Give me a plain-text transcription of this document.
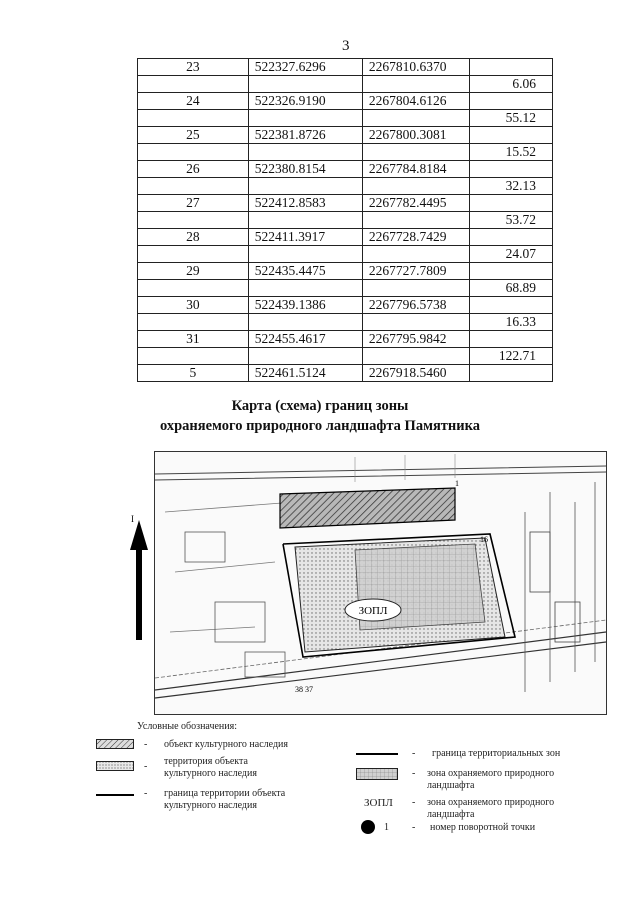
3
23	522327.6296	2267810.6370	
			6.06
24	522326.9190	2267804.6126	
			55.12
25	522381.8726	2267800.3081	
			15.52
26	522380.8154	2267784.8184	
			32.13
27	522412.8583	2267782.4495	
			53.72
28	522411.3917	2267728.7429	
			24.07
29	522435.4475	2267727.7809	
			68.89
30	522439.1386	2267796.5738	
			16.33
31	522455.4617	2267795.9842	
			122.71
5	522461.5124	2267918.5460	
Карта (схема) границ зоны
охраняемого природного ландшафта Памятника
I
ЗОПЛ
1
16
38 37
Условные обозначения:
- объект культурного наследия
- территория объекта культурного наследия
- граница территории объекта культурного наследия
- граница территориальных зон
- зона охраняемого природного ландшафта
ЗОПЛ - зона охраняемого природного ландшафта
1 - номер поворотной точки
